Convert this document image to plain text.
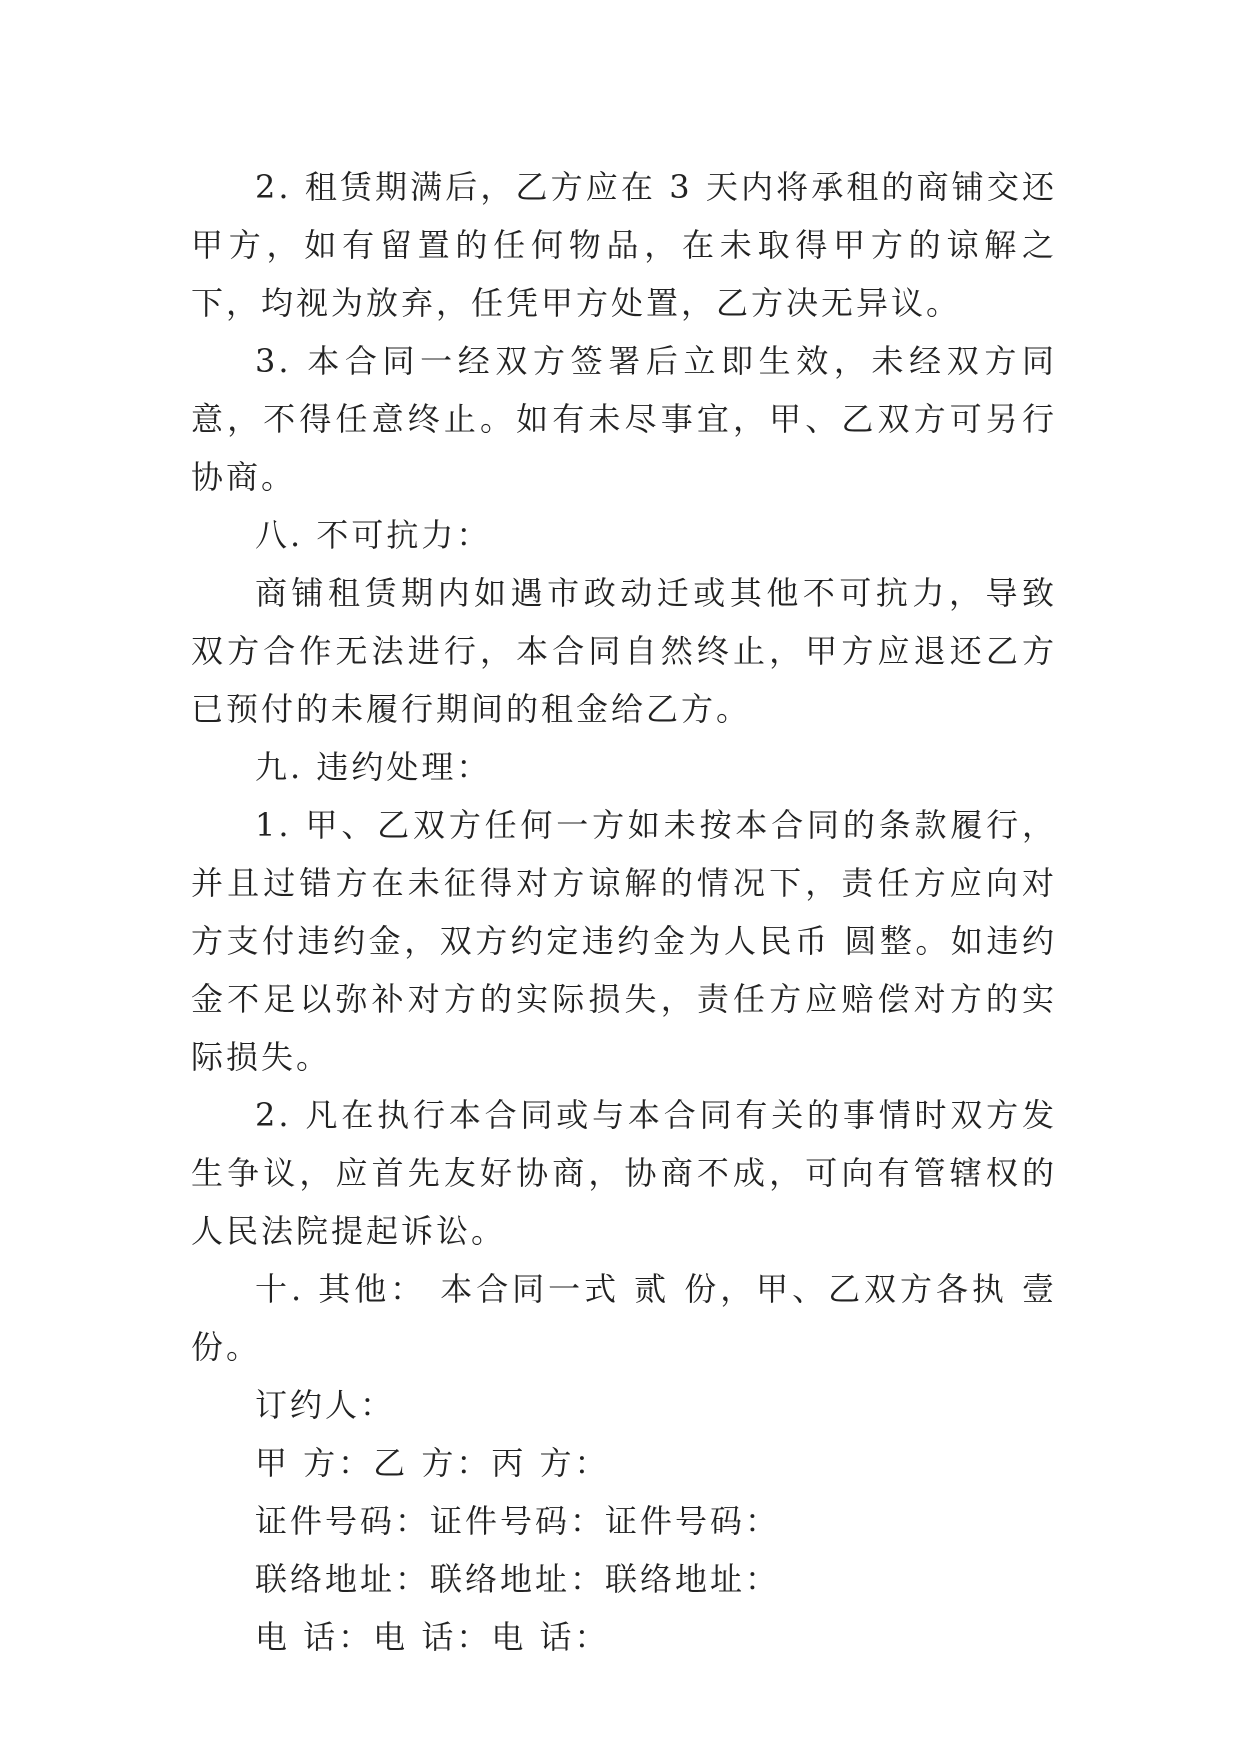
2. 租赁期满后，乙方应在 3 天内将承租的商铺交还甲方，如有留置的任何物品，在未取得甲方的谅解之下，均视为放弃，任凭甲方处置，乙方决无异议。

3. 本合同一经双方签署后立即生效，未经双方同意，不得任意终止。如有未尽事宜，甲、乙双方可另行协商。

八. 不可抗力：

商铺租赁期内如遇市政动迁或其他不可抗力，导致双方合作无法进行，本合同自然终止，甲方应退还乙方已预付的未履行期间的租金给乙方。

九. 违约处理：

1. 甲、乙双方任何一方如未按本合同的条款履行，并且过错方在未征得对方谅解的情况下，责任方应向对方支付违约金，双方约定违约金为人民币 圆整。如违约金不足以弥补对方的实际损失，责任方应赔偿对方的实际损失。

2. 凡在执行本合同或与本合同有关的事情时双方发生争议，应首先友好协商，协商不成，可向有管辖权的人民法院提起诉讼。

十. 其他： 本合同一式 贰 份，甲、乙双方各执 壹 份。

订约人：

甲 方：乙 方：丙 方：

证件号码：证件号码：证件号码：

联络地址：联络地址：联络地址：

电 话：电 话：电 话：
